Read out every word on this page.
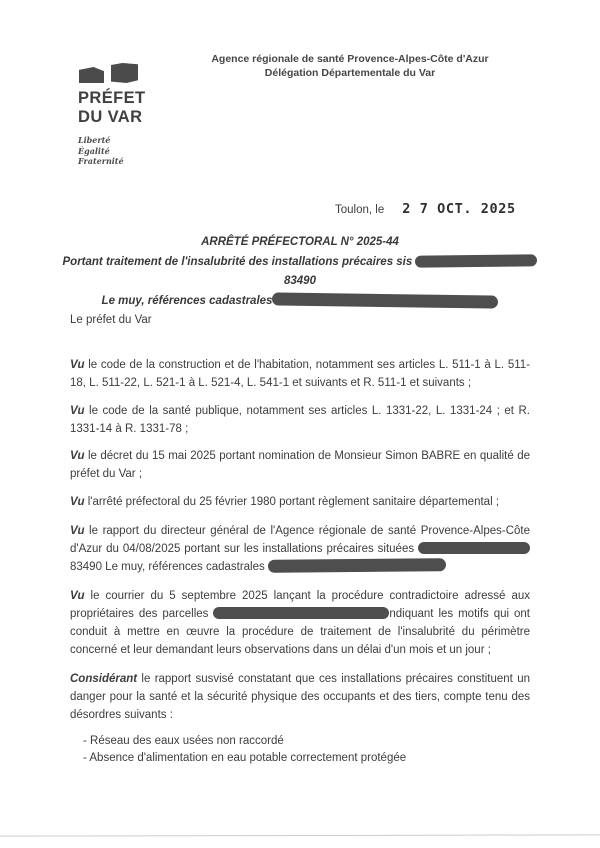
PRÉFET
DU VAR
Liberté
Égalité
Fraternité
Agence régionale de santé Provence-Alpes-Côte d'Azur
Délégation Départementale du Var
Toulon, le 2 7 OCT. 2025
ARRÊTÉ PRÉFECTORAL N° 2025-44
Portant traitement de l'insalubrité des installations précaires sis 83490
Le muy, références cadastrales

Le préfet du Var

Vu le code de la construction et de l'habitation, notamment ses articles L. 511-1 à L. 511-18, L. 511-22, L. 521-1 à L. 521-4, L. 541-1 et suivants et R. 511-1 et suivants ;

Vu le code de la santé publique, notamment ses articles L. 1331-22, L. 1331-24 ; et R. 1331-14 à R. 1331-78 ;

Vu le décret du 15 mai 2025 portant nomination de Monsieur Simon BABRE en qualité de préfet du Var ;

Vu l'arrêté préfectoral du 25 février 1980 portant règlement sanitaire départemental ;

Vu le rapport du directeur général de l'Agence régionale de santé Provence-Alpes-Côte d'Azur du 04/08/2025 portant sur les installations précaires situées 83490 Le muy, références cadastrales

Vu le courrier du 5 septembre 2025 lançant la procédure contradictoire adressé aux propriétaires des parcelles	ndiquant les motifs qui ont conduit à mettre en œuvre la procédure de traitement de l'insalubrité du périmètre concerné et leur demandant leurs observations dans un délai d'un mois et un jour ;

Considérant le rapport susvisé constatant que ces installations précaires constituent un danger pour la santé et la sécurité physique des occupants et des tiers, compte tenu des désordres suivants :

- Réseau des eaux usées non raccordé
- Absence d'alimentation en eau potable correctement protégée
